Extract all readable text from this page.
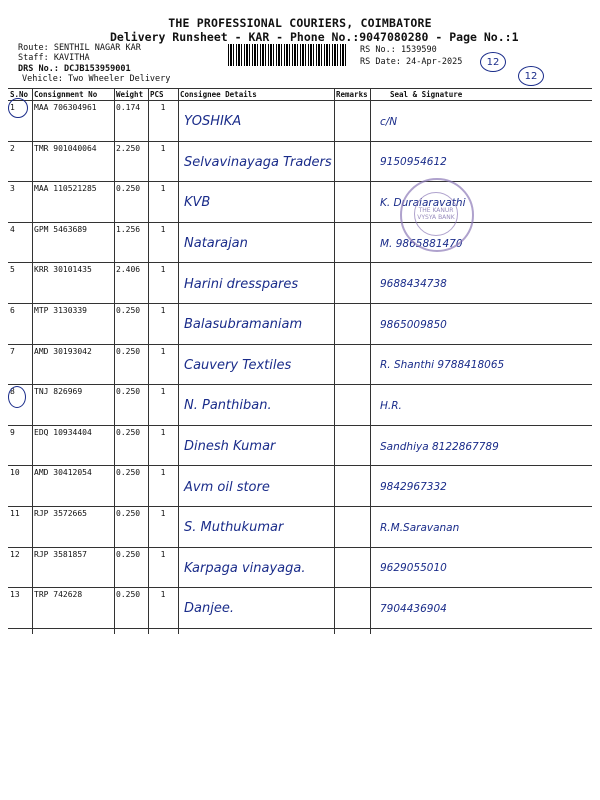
THE PROFESSIONAL COURIERS, COIMBATORE
Delivery Runsheet - KAR - Phone No.:9047080280 - Page No.:1
Route: SENTHIL NAGAR KAR
Staff: KAVITHA
DRS No.: DCJB153959001
Vehicle: Two Wheeler Delivery
RS No.: 1539590
RS Date: 24-Apr-2025	12
12
S.No	Consignment No	Weight	PCS	Consignee Details	Remarks	Seal & Signature
1	MAA 706304961	0.174	1	YOSHIKA		c/N
2	TMR 901040064	2.250	1	Selvavinayaga Traders		9150954612
3	MAA 110521285	0.250	1	KVB		K. Duraiaravathi
4	GPM 5463689	1.256	1	Natarajan		M. 9865881470
5	KRR 30101435	2.406	1	Harini dresspares		9688434738
6	MTP 3130339	0.250	1	Balasubramaniam		9865009850
7	AMD 30193042	0.250	1	Cauvery Textiles		R. Shanthi 9788418065
8	TNJ 826969	0.250	1	N. Panthiban.		H.R.
9	EDQ 10934404	0.250	1	Dinesh Kumar		Sandhiya 8122867789
10	AMD 30412054	0.250	1	Avm oil store		9842967332
11	RJP 3572665	0.250	1	S. Muthukumar		R.M.Saravanan
12	RJP 3581857	0.250	1	Karpaga vinayaga.		9629055010
13	TRP 742628	0.250	1	Danjee.		7904436904
THE KANUR VYSYA BANK
